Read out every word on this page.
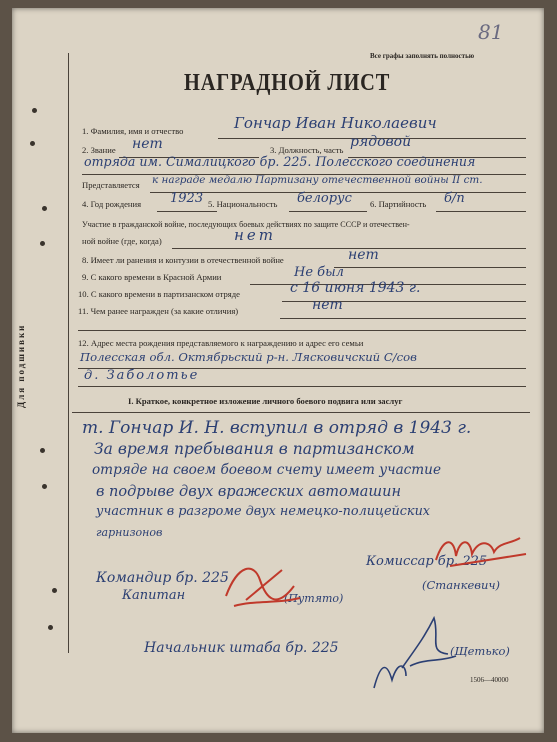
Для подшивки
81
Все графы заполнять полностью
НАГРАДНОЙ ЛИСТ
1. Фамилия, имя и отчество	Гончар Иван Николаевич
2. Звание нет	3. Должность, часть рядовой
отряда им. Сималицкого бр. 225. Полесского соединения
Представляется к награде медалю Партизану отечественной войны II ст.
4. Год рождения 1923 5. Национальность белорус 6. Партийность б/п
Участие в гражданской войне, последующих боевых действиях по защите СССР и отечествен-
ной войне (где, когда)	нет
8. Имеет ли ранения и контузии в отечественной войне	нет
9. С какого времени в Красной Армии	Не был
10. С какого времени в партизанском отряде	с 16 июня 1943 г.
11. Чем ранее награжден (за какие отличия)	нет
12. Адрес места рождения представляемого к награждению и адрес его семьи
Полесская обл. Октябрьский р-н. Лясковичский С/сов
д. Заболотье
I. Краткое, конкретное изложение личного боевого подвига или заслуг
т. Гончар И. Н. вступил в отряд в 1943 г.
За время пребывания в партизанском
отряде на своем боевом счету имеет участие
в подрыве двух вражеских автомашин
участник в разгроме двух немецко-полицейских
гарнизонов
Командир бр. 225
Капитан	(Путято)
Комиссар бр. 225
(Станкевич)
Начальник штаба бр. 225	(Щетько)
1506—40000
